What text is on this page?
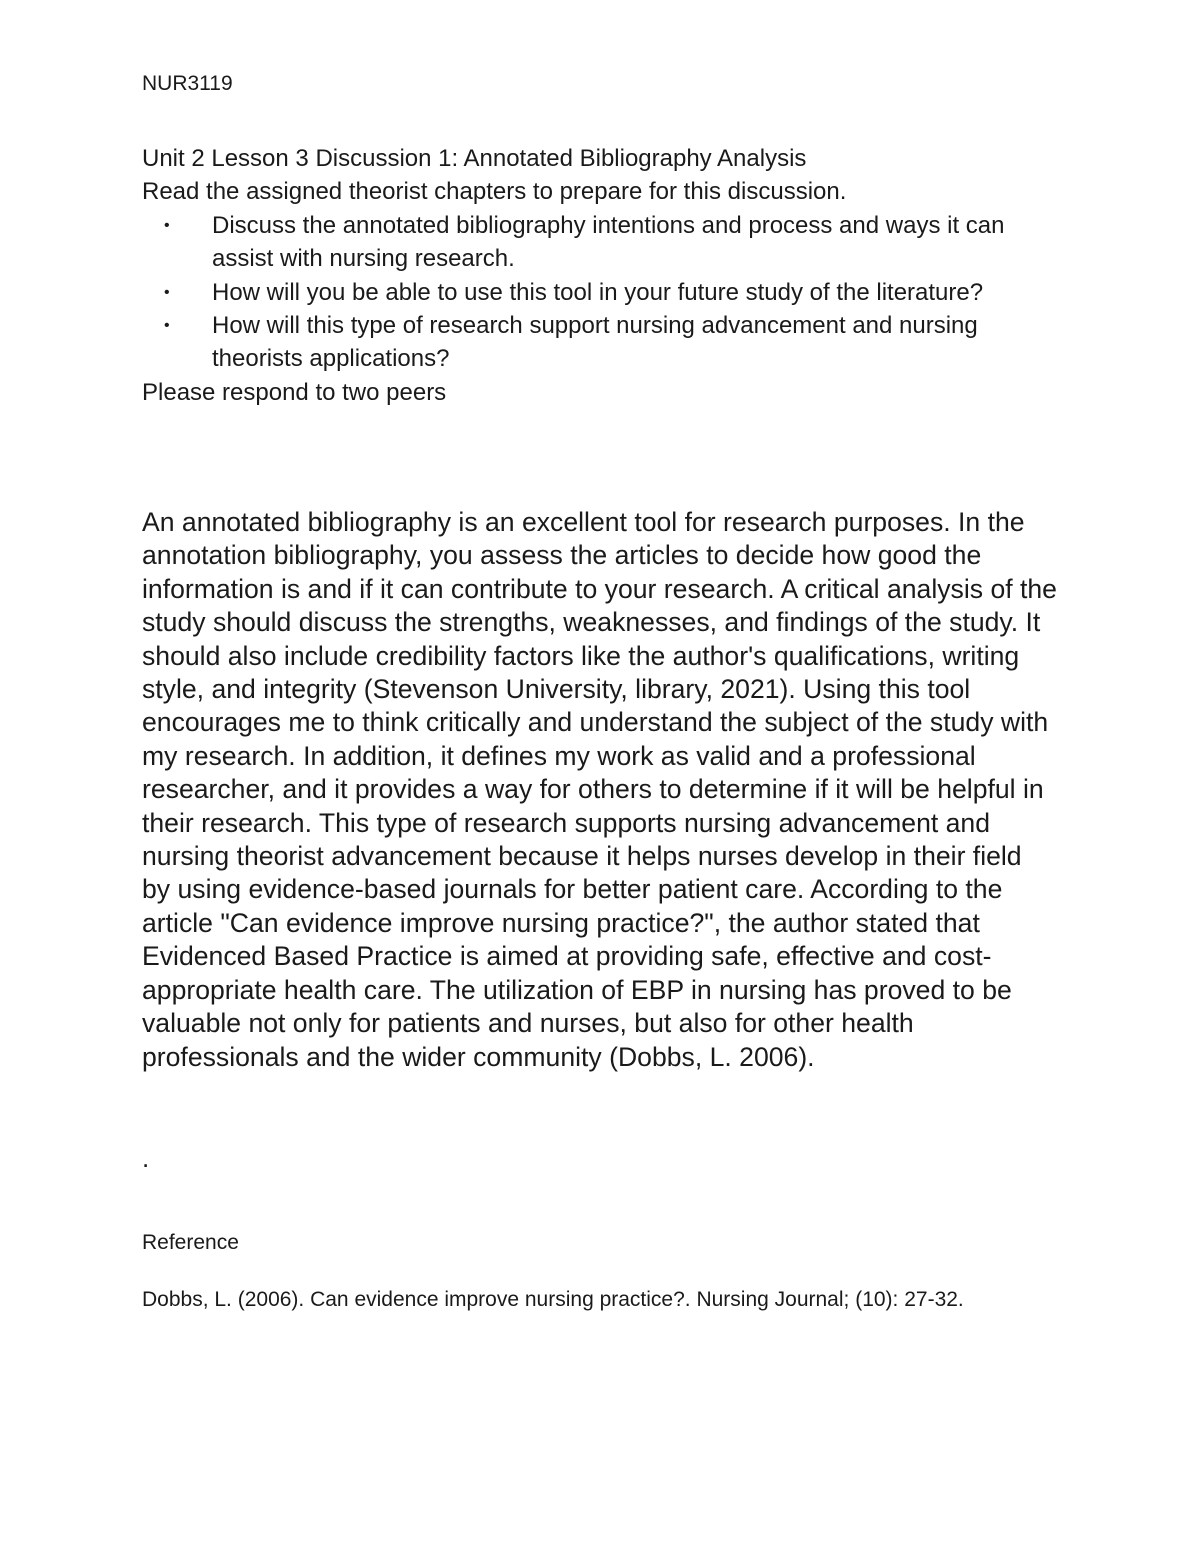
NUR3119

Unit 2 Lesson 3 Discussion 1: Annotated Bibliography Analysis

Read the assigned theorist chapters to prepare for this discussion.

• Discuss the annotated bibliography intentions and process and ways it can assist with nursing research.
• How will you be able to use this tool in your future study of the literature?
• How will this type of research support nursing advancement and nursing theorists applications?

Please respond to two peers

An annotated bibliography is an excellent tool for research purposes. In the annotation bibliography, you assess the articles to decide how good the information is and if it can contribute to your research. A critical analysis of the study should discuss the strengths, weaknesses, and findings of the study. It should also include credibility factors like the author's qualifications, writing style, and integrity (Stevenson University, library, 2021). Using this tool encourages me to think critically and understand the subject of the study with my research. In addition, it defines my work as valid and a professional researcher, and it provides a way for others to determine if it will be helpful in their research. This type of research supports nursing advancement and nursing theorist advancement because it helps nurses develop in their field by using evidence-based journals for better patient care. According to the article "Can evidence improve nursing practice?", the author stated that Evidenced Based Practice is aimed at providing safe, effective and cost-appropriate health care. The utilization of EBP in nursing has proved to be valuable not only for patients and nurses, but also for other health professionals and the wider community (Dobbs, L. 2006).

.
Reference

Dobbs, L. (2006). Can evidence improve nursing practice?. Nursing Journal; (10): 27-32.
